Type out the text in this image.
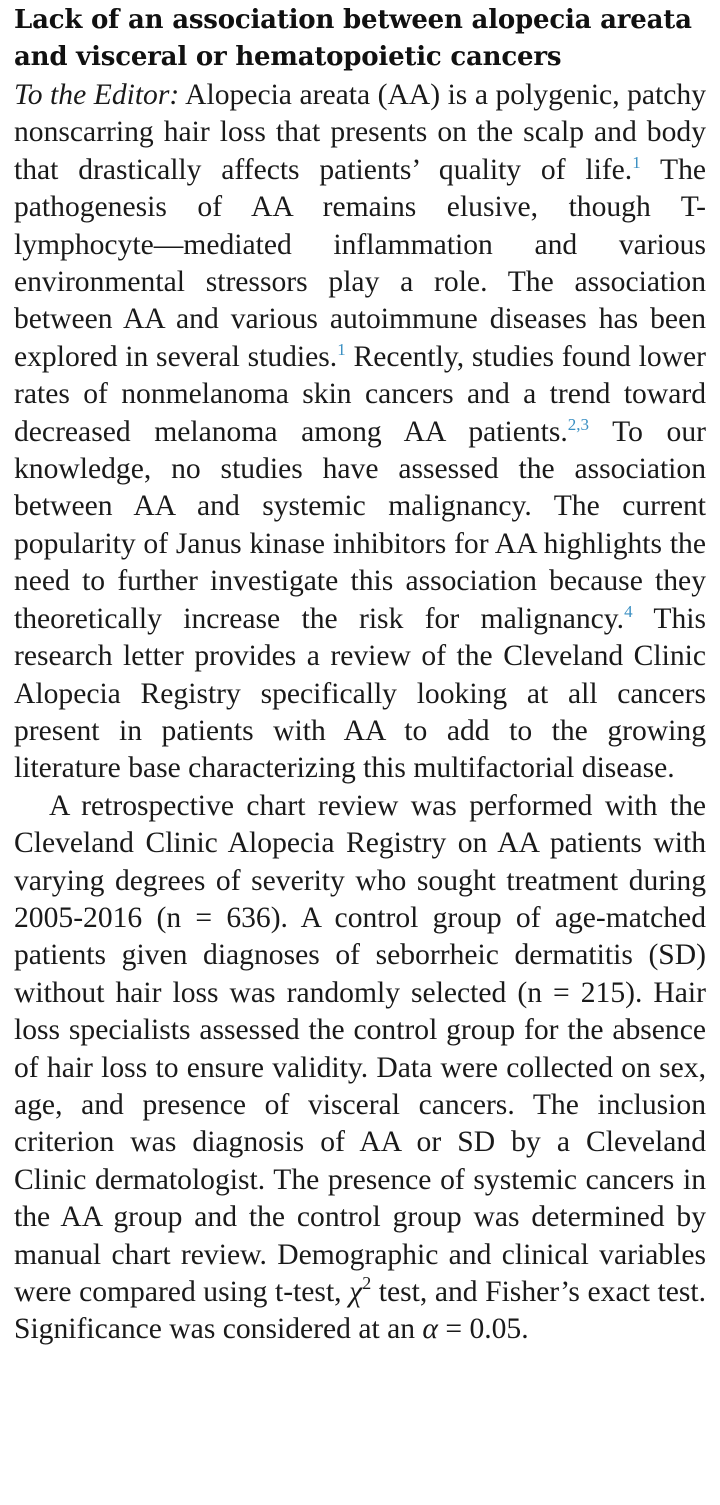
Lack of an association between alopecia areata and visceral or hematopoietic cancers

To the Editor: Alopecia areata (AA) is a polygenic, patchy nonscarring hair loss that presents on the scalp and body that drastically affects patients’ quality of life.$^1$ The pathogenesis of AA remains elusive, though T-lymphocyte—mediated inflammation and various environmental stressors play a role. The association between AA and various autoimmune diseases has been explored in several studies.$^1$ Recently, studies found lower rates of nonmelanoma skin cancers and a trend toward decreased melanoma among AA patients.$^{2,3}$ To our knowledge, no studies have assessed the association between AA and systemic malignancy. The current popularity of Janus kinase inhibitors for AA highlights the need to further investigate this association because they theoretically increase the risk for malignancy.$^4$ This research letter provides a review of the Cleveland Clinic Alopecia Registry specifically looking at all cancers present in patients with AA to add to the growing literature base characterizing this multifactorial disease.

A retrospective chart review was performed with the Cleveland Clinic Alopecia Registry on AA patients with varying degrees of severity who sought treatment during 2005-2016 (n = 636). A control group of age-matched patients given diagnoses of seborrheic dermatitis (SD) without hair loss was randomly selected (n = 215). Hair loss specialists assessed the control group for the absence of hair loss to ensure validity. Data were collected on sex, age, and presence of visceral cancers. The inclusion criterion was diagnosis of AA or SD by a Cleveland Clinic dermatologist. The presence of systemic cancers in the AA group and the control group was determined by manual chart review. Demographic and clinical variables were compared using t-test, $\chi^2$ test, and Fisher’s exact test. Significance was considered at an α = 0.05.
